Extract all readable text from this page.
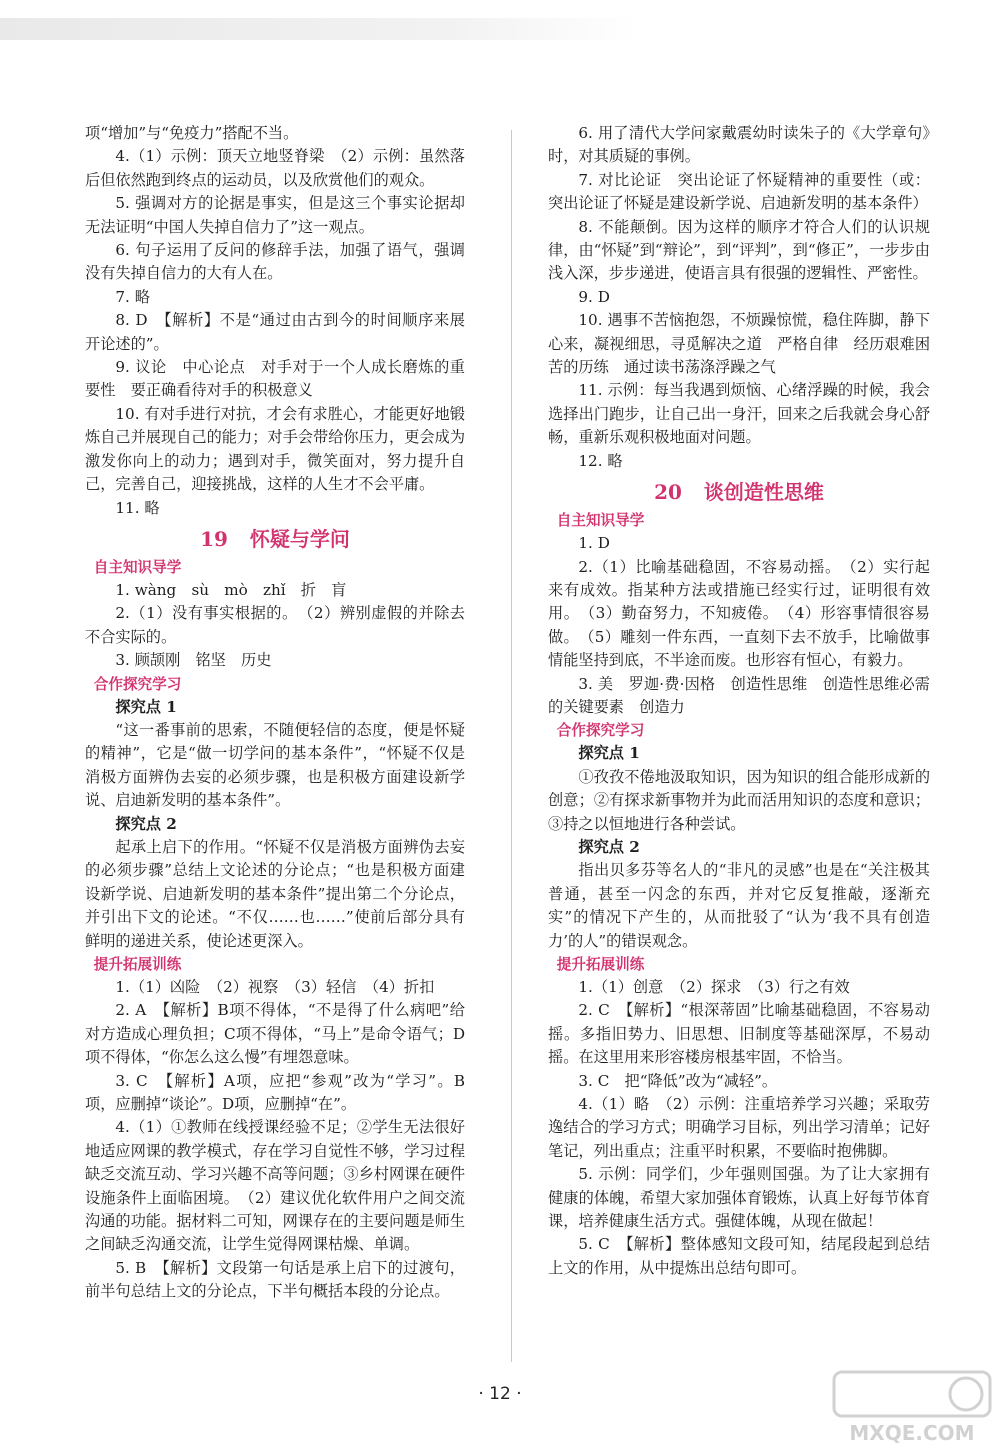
项“增加”与“免疫力”搭配不当。

4.（1）示例：顶天立地竖脊梁　（2）示例：虽然落后但依然跑到终点的运动员，以及欣赏他们的观众。

5. 强调对方的论据是事实，但是这三个事实论据却无法证明“中国人失掉自信力了”这一观点。

6. 句子运用了反问的修辞手法，加强了语气，强调没有失掉自信力的大有人在。

7. 略

8. D　【解析】不是“通过由古到今的时间顺序来展开论述的”。

9. 议论　中心论点　对手对于一个人成长磨炼的重要性　要正确看待对手的积极意义

10. 有对手进行对抗，才会有求胜心，才能更好地锻炼自己并展现自己的能力；对手会带给你压力，更会成为激发你向上的动力；遇到对手，微笑面对，努力提升自己，完善自己，迎接挑战，这样的人生才不会平庸。

11. 略

19 怀疑与学问

自主知识导学

1. wàng　sù　mò　zhǐ　折　肓

2.（1）没有事实根据的。　（2）辨别虚假的并除去不合实际的。

3. 顾颉刚　铭坚　历史

合作探究学习

探究点 1

“这一番事前的思索，不随便轻信的态度，便是怀疑的精神”，它是“做一切学问的基本条件”，“怀疑不仅是消极方面辨伪去妄的必须步骤，也是积极方面建设新学说、启迪新发明的基本条件”。

探究点 2

起承上启下的作用。“怀疑不仅是消极方面辨伪去妄的必须步骤”总结上文论述的分论点；“也是积极方面建设新学说、启迪新发明的基本条件”提出第二个分论点，并引出下文的论述。“不仅……也……”使前后部分具有鲜明的递进关系，使论述更深入。

提升拓展训练

1.（1）凶险　（2）视察　（3）轻信　（4）折扣

2. A　【解析】B项不得体，“不是得了什么病吧”给对方造成心理负担；C项不得体，“马上”是命令语气；D项不得体，“你怎么这么慢”有埋怨意味。

3. C　【解析】A项，应把“参观”改为“学习”。B项，应删掉“谈论”。D项，应删掉“在”。

4.（1）①教师在线授课经验不足；②学生无法很好地适应网课的教学模式，存在学习自觉性不够，学习过程缺乏交流互动、学习兴趣不高等问题；③乡村网课在硬件设施条件上面临困境。　（2）建议优化软件用户之间交流沟通的功能。据材料二可知，网课存在的主要问题是师生之间缺乏沟通交流，让学生觉得网课枯燥、单调。

5. B　【解析】文段第一句话是承上启下的过渡句，前半句总结上文的分论点，下半句概括本段的分论点。

6. 用了清代大学问家戴震幼时读朱子的《大学章句》时，对其质疑的事例。

7. 对比论证　突出论证了怀疑精神的重要性（或：突出论证了怀疑是建设新学说、启迪新发明的基本条件）

8. 不能颠倒。因为这样的顺序才符合人们的认识规律，由“怀疑”到“辩论”，到“评判”，到“修正”，一步步由浅入深，步步递进，使语言具有很强的逻辑性、严密性。

9. D

10. 遇事不苦恼抱怨，不烦躁惊慌，稳住阵脚，静下心来，凝视细思，寻觅解决之道　严格自律　经历艰难困苦的历练　通过读书荡涤浮躁之气

11. 示例：每当我遇到烦恼、心绪浮躁的时候，我会选择出门跑步，让自己出一身汗，回来之后我就会身心舒畅，重新乐观积极地面对问题。

12. 略

20 谈创造性思维

自主知识导学

1. D

2.（1）比喻基础稳固，不容易动摇。　（2）实行起来有成效。指某种方法或措施已经实行过，证明很有效用。　（3）勤奋努力，不知疲倦。　（4）形容事情很容易做。　（5）雕刻一件东西，一直刻下去不放手，比喻做事情能坚持到底，不半途而废。也形容有恒心，有毅力。

3. 美　罗迦·费·因格　创造性思维　创造性思维必需的关键要素　创造力

合作探究学习

探究点 1

①孜孜不倦地汲取知识，因为知识的组合能形成新的创意；②有探求新事物并为此而活用知识的态度和意识；③持之以恒地进行各种尝试。

探究点 2

指出贝多芬等名人的“非凡的灵感”也是在“关注极其普通，甚至一闪念的东西，并对它反复推敲，逐渐充实”的情况下产生的，从而批驳了“认为‘我不具有创造力’的人”的错误观念。

提升拓展训练

1.（1）创意　（2）探求　（3）行之有效

2. C　【解析】“根深蒂固”比喻基础稳固，不容易动摇。多指旧势力、旧思想、旧制度等基础深厚，不易动摇。在这里用来形容楼房根基牢固，不恰当。

3. C　把“降低”改为“减轻”。

4.（1）略　（2）示例：注重培养学习兴趣；采取劳逸结合的学习方式；明确学习目标，列出学习清单；记好笔记，列出重点；注重平时积累，不要临时抱佛脚。

5. 示例：同学们，少年强则国强。为了让大家拥有健康的体魄，希望大家加强体育锻炼，认真上好每节体育课，培养健康生活方式。强健体魄，从现在做起！

5. C　【解析】整体感知文段可知，结尾段起到总结上文的作用，从中提炼出总结句即可。

· 12 ·
MXQE.COM
